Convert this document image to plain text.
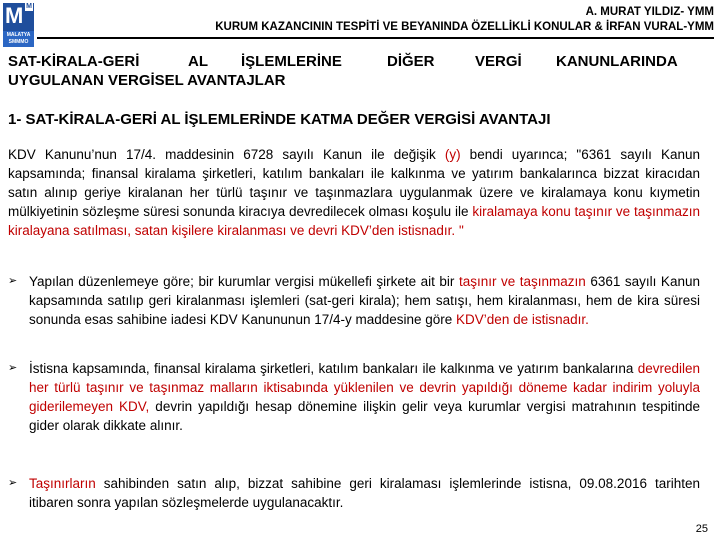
M M
MALATYA SMMMO
A. MURAT YILDIZ- YMM
KURUM KAZANCININ TESPİTİ VE BEYANINDA ÖZELLİKLİ KONULAR & İRFAN VURAL-YMM
SAT-KİRALA-GERİ	AL İŞLEMLERİNE	DİĞER	VERGİ KANUNLARINDA
UYGULANAN VERGİSEL AVANTAJLAR
1- SAT-KİRALA-GERİ AL İŞLEMLERİNDE KATMA DEĞER VERGİSİ AVANTAJI
KDV Kanunu’nun 17/4. maddesinin 6728 sayılı Kanun ile değişik (y) bendi uyarınca; "6361 sayılı Kanun kapsamında; finansal kiralama şirketleri, katılım bankaları ile kalkınma ve yatırım bankalarınca bizzat kiracıdan satın alınıp geriye kiralanan her türlü taşınır ve taşınmazlara uygulanmak üzere ve kiralamaya konu kıymetin mülkiyetinin sözleşme süresi sonunda kiracıya devredilecek olması koşulu ile kiralamaya konu taşınır ve taşınmazın kiralayana satılması, satan kişilere kiralanması ve devri KDV’den istisnadır. "
➢ Yapılan düzenlemeye göre; bir kurumlar vergisi mükellefi şirkete ait bir taşınır ve taşınmazın 6361 sayılı Kanun kapsamında satılıp geri kiralanması işlemleri (sat-geri kirala); hem satışı, hem kiralanması, hem de kira süresi sonunda esas sahibine iadesi KDV Kanununun 17/4-y maddesine göre KDV’den de istisnadır.
➢ İstisna kapsamında, finansal kiralama şirketleri, katılım bankaları ile kalkınma ve yatırım bankalarına devredilen her türlü taşınır ve taşınmaz malların iktisabında yüklenilen ve devrin yapıldığı döneme kadar indirim yoluyla giderilemeyen KDV, devrin yapıldığı hesap dönemine ilişkin gelir veya kurumlar vergisi matrahının tespitinde gider olarak dikkate alınır.
➢ Taşınırların sahibinden satın alıp, bizzat sahibine geri kiralaması işlemlerinde istisna, 09.08.2016 tarihten itibaren sonra yapılan sözleşmelerde uygulanacaktır.
25
